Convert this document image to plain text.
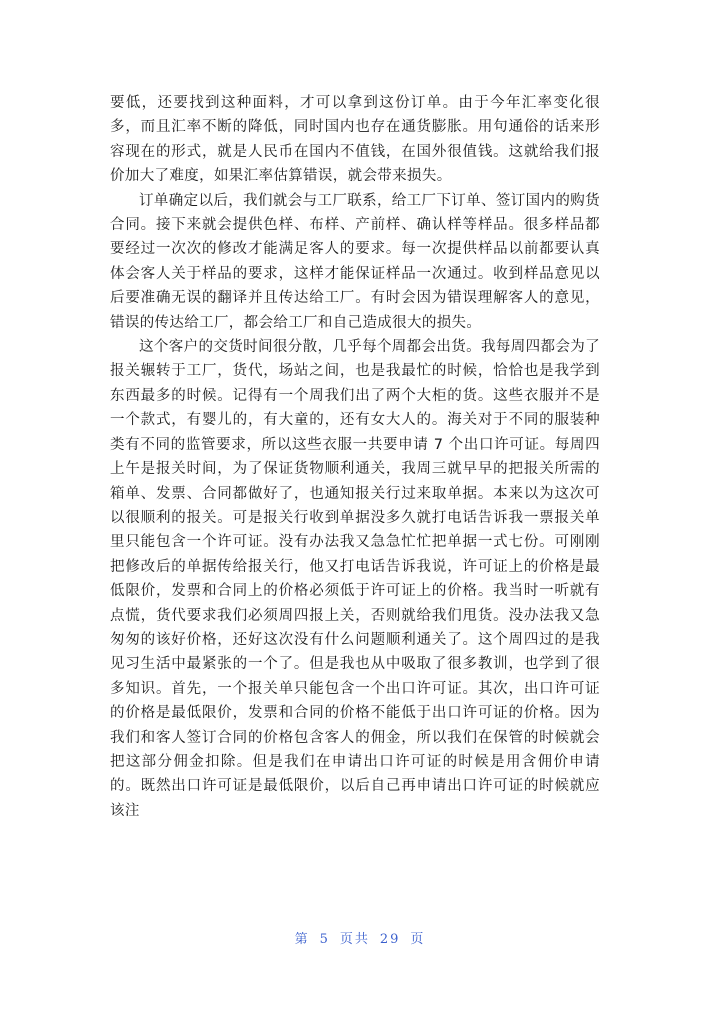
要低，还要找到这种面料，才可以拿到这份订单。由于今年汇率变化很多，而且汇率不断的降低，同时国内也存在通货膨胀。用句通俗的话来形容现在的形式，就是人民币在国内不值钱，在国外很值钱。这就给我们报价加大了难度，如果汇率估算错误，就会带来损失。

订单确定以后，我们就会与工厂联系，给工厂下订单、签订国内的购货合同。接下来就会提供色样、布样、产前样、确认样等样品。很多样品都要经过一次次的修改才能满足客人的要求。每一次提供样品以前都要认真体会客人关于样品的要求，这样才能保证样品一次通过。收到样品意见以后要准确无误的翻译并且传达给工厂。有时会因为错误理解客人的意见，错误的传达给工厂，都会给工厂和自己造成很大的损失。

这个客户的交货时间很分散，几乎每个周都会出货。我每周四都会为了报关辗转于工厂，货代，场站之间，也是我最忙的时候，恰恰也是我学到东西最多的时候。记得有一个周我们出了两个大柜的货。这些衣服并不是一个款式，有婴儿的，有大童的，还有女大人的。海关对于不同的服装种类有不同的监管要求，所以这些衣服一共要申请 7 个出口许可证。每周四上午是报关时间，为了保证货物顺利通关，我周三就早早的把报关所需的箱单、发票、合同都做好了，也通知报关行过来取单据。本来以为这次可以很顺利的报关。可是报关行收到单据没多久就打电话告诉我一票报关单里只能包含一个许可证。没有办法我又急急忙忙把单据一式七份。可刚刚把修改后的单据传给报关行，他又打电话告诉我说，许可证上的价格是最低限价，发票和合同上的价格必须低于许可证上的价格。我当时一听就有点慌，货代要求我们必须周四报上关，否则就给我们甩货。没办法我又急匆匆的该好价格，还好这次没有什么问题顺利通关了。这个周四过的是我见习生活中最紧张的一个了。但是我也从中吸取了很多教训，也学到了很多知识。首先，一个报关单只能包含一个出口许可证。其次，出口许可证的价格是最低限价，发票和合同的价格不能低于出口许可证的价格。因为我们和客人签订合同的价格包含客人的佣金，所以我们在保管的时候就会把这部分佣金扣除。但是我们在申请出口许可证的时候是用含佣价申请的。既然出口许可证是最低限价，以后自己再申请出口许可证的时候就应该注

第 5 页共 29 页
